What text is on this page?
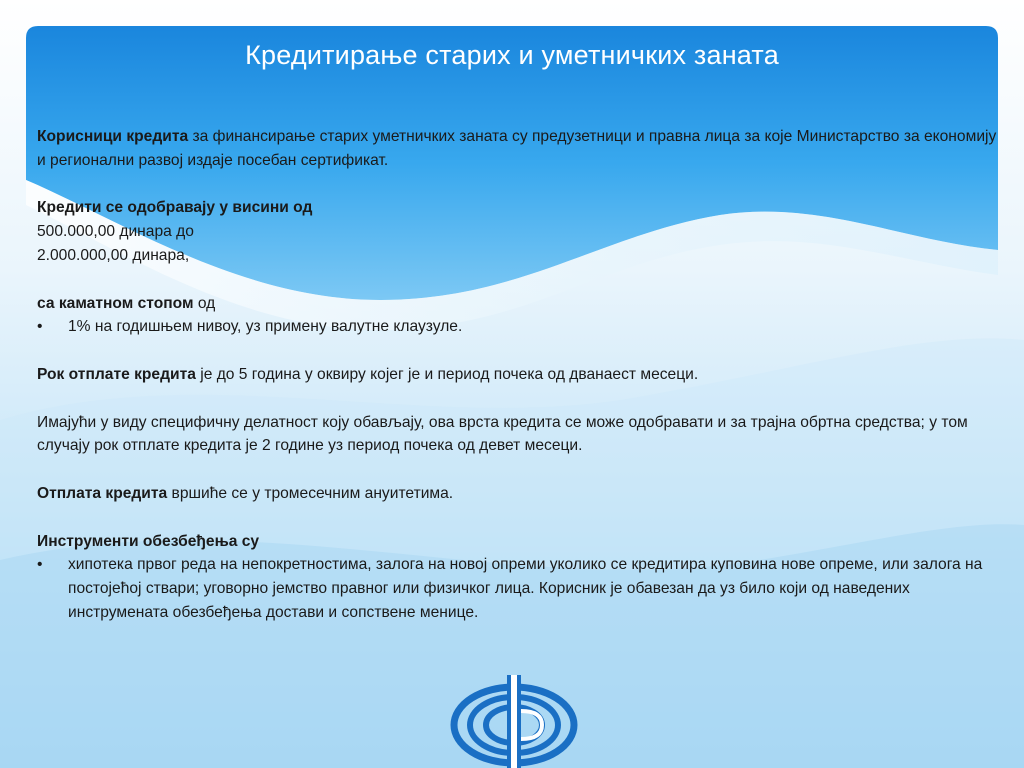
Кредитирање старих и уметничких заната

Корисници кредита за финансирање старих уметничких заната су предузетници и правна лица за које Министарство за економију и регионални развој издаје посебан сертификат.

Кредити се одобравају у висини од

500.000,00 динара до

2.000.000,00 динара,

са каматном стопом од

•	1% на годишњем нивоу, уз примену валутне клаузуле.

Рок отплате кредита је до 5 година у оквиру којег је и период почека од дванаест месеци.

Имајући у виду специфичну делатност коју обављају, ова врста кредита се може одобравати и за трајна обртна средства; у том случају рок отплате кредита је 2 године уз период почека од девет месеци.

Отплата кредита вршиће се у тромесечним ануитетима.

Инструменти обезбеђења су

•	хипотека првог реда на непокретностима, залога на новој опреми уколико се кредитира куповина нове опреме, или залога на постојећој ствари; уговорно јемство правног или физичког лица. Корисник је обавезан да уз било који од наведених инструмената обезбеђења достави и сопствене менице.
